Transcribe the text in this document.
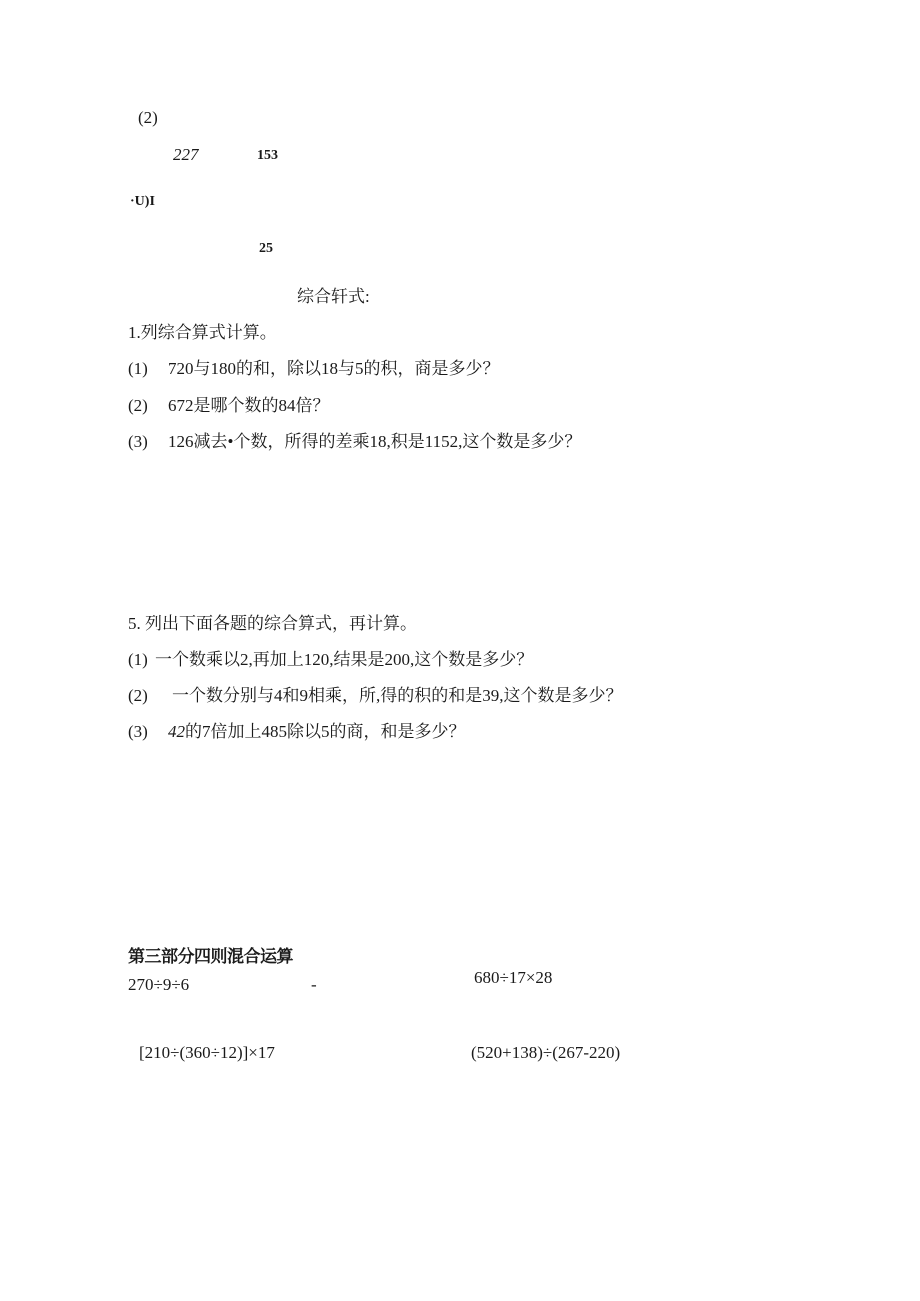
(2)
227	153
·U)I
25
综合轩式:
1.列综合算式计算。
(1) 720与180的和，除以18与5的积，商是多少？
(2) 672是哪个数的84倍？
(3) 126减去•个数，所得的差乘18,积是1152,这个数是多少？
5. 列出下面各题的综合算式，再计算。
(1) 一个数乘以2,再加上120,结果是200,这个数是多少？
(2) 一个数分别与4和9相乘，所,得的积的和是39,这个数是多少？
(3) 42的7倍加上485除以5的商，和是多少？
第三部分四则混合运算
270÷9÷6	-	680÷17×28
[210÷(360÷12)]×17	(520+138)÷(267-220)
